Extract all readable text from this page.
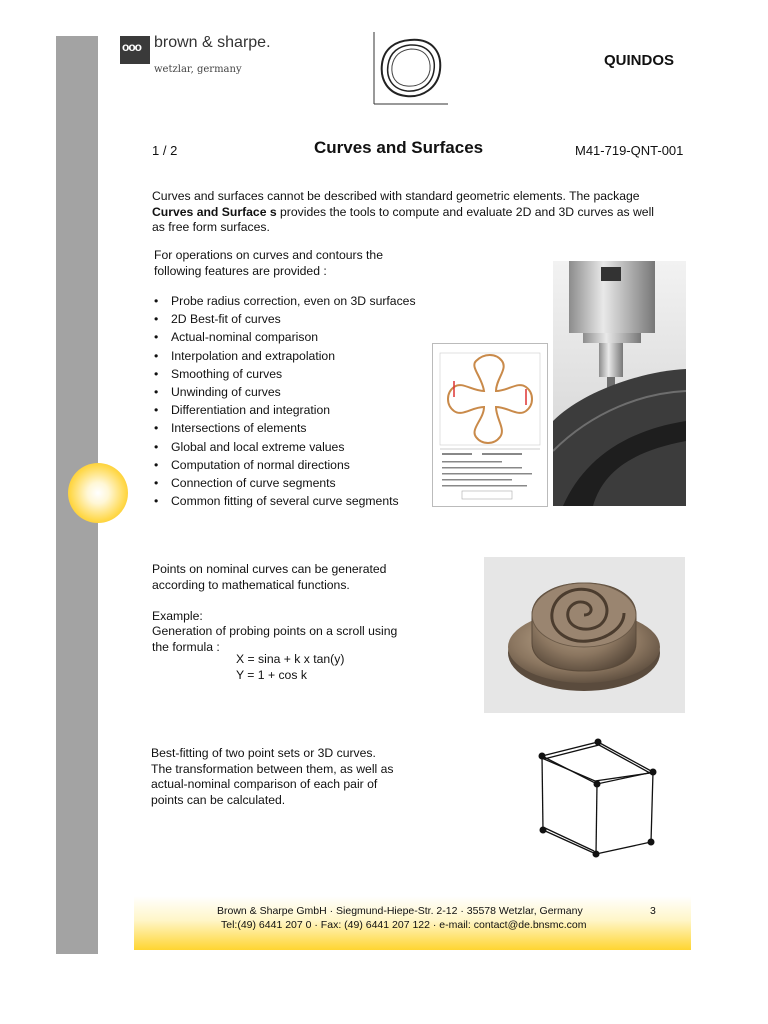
ooo brown & sharpe.
wetzlar, germany
QUINDOS
1 / 2	Curves and Surfaces	M41-719-QNT-001
Curves and surfaces cannot be described with standard geometric elements. The package
Curves and Surface s provides the tools to compute and evaluate 2D and 3D curves as well
as free form surfaces.
For operations on curves and contours the
following features are provided :
• Probe radius correction, even on 3D surfaces
• 2D Best-fit of curves
• Actual-nominal comparison
• Interpolation and extrapolation
• Smoothing of curves
• Unwinding of curves
• Differentiation and integration
• Intersections of elements
• Global and local extreme values
• Computation of normal directions
• Connection of curve segments
• Common fitting of several curve segments
Points on nominal curves can be generated
according to mathematical functions.
Example:
Generation of probing points on a scroll using
the formula :
X = sina + k x tan(y)
Y = 1 + cos k
Best-fitting of two point sets or 3D curves.
The transformation between them, as well as
actual-nominal comparison of each pair of
points can be calculated.
Brown & Sharpe GmbH · Siegmund-Hiepe-Str. 2-12 · 35578 Wetzlar, Germany
Tel:(49) 6441 207 0 · Fax: (49) 6441 207 122 · e-mail: contact@de.bnsmc.com
3
